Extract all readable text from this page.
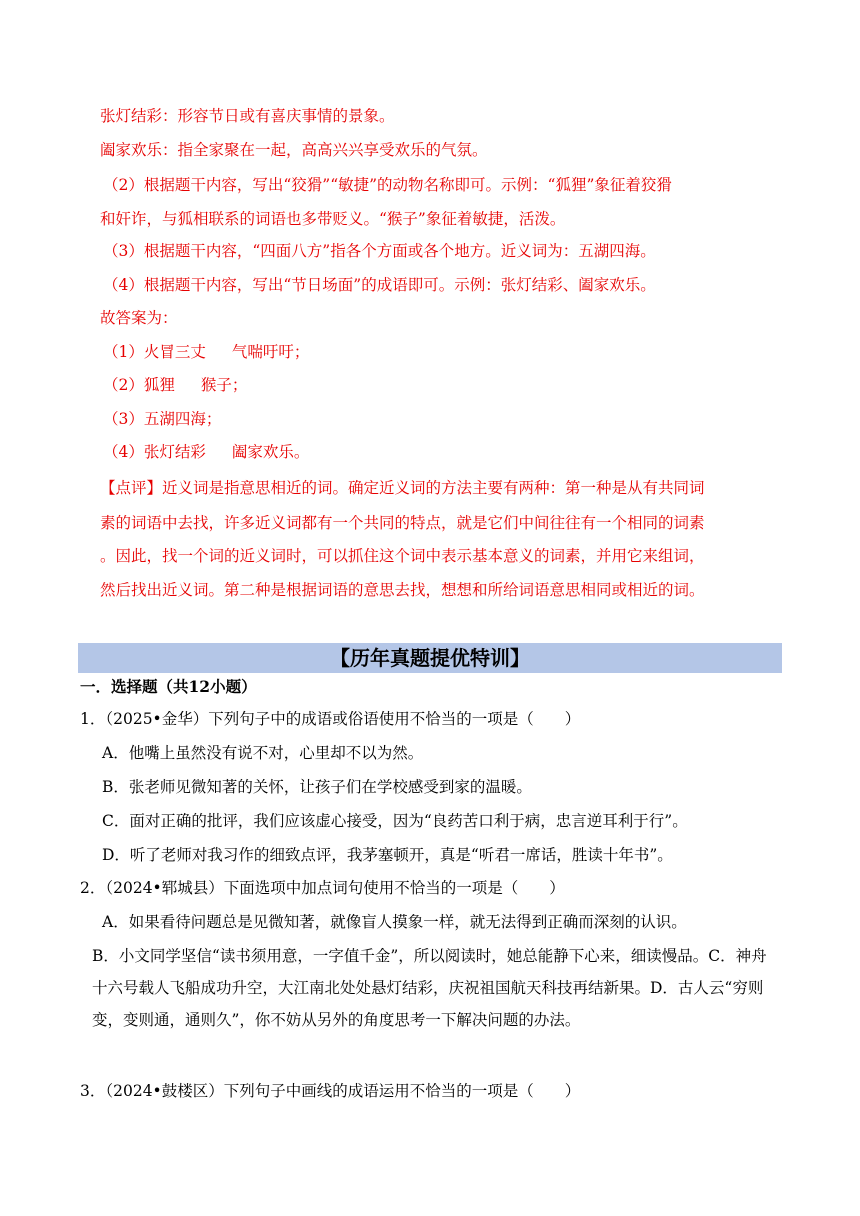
张灯结彩：形容节日或有喜庆事情的景象。
阖家欢乐：指全家聚在一起，高高兴兴享受欢乐的气氛。
（2）根据题干内容，写出“狡猾”“敏捷”的动物名称即可。示例：“狐狸”象征着狡猾
和奸诈，与狐相联系的词语也多带贬义。“猴子”象征着敏捷，活泼。
（3）根据题干内容，“四面八方”指各个方面或各个地方。近义词为：五湖四海。
（4）根据题干内容，写出“节日场面”的成语即可。示例：张灯结彩、阖家欢乐。
故答案为：
（1）火冒三丈 气喘吁吁；
（2）狐狸 猴子；
（3）五湖四海；
（4）张灯结彩 阖家欢乐。
【点评】近义词是指意思相近的词。确定近义词的方法主要有两种：第一种是从有共同词
素的词语中去找，许多近义词都有一个共同的特点，就是它们中间往往有一个相同的词素
。因此，找一个词的近义词时，可以抓住这个词中表示基本意义的词素，并用它来组词，
然后找出近义词。第二种是根据词语的意思去找，想想和所给词语意思相同或相近的词。
【历年真题提优特训】
一．选择题（共12小题）
1．（2025•金华）下列句子中的成语或俗语使用不恰当的一项是（　　）
A．他嘴上虽然没有说不对，心里却不以为然。
B．张老师见微知著的关怀，让孩子们在学校感受到家的温暖。
C．面对正确的批评，我们应该虚心接受，因为“良药苦口利于病，忠言逆耳利于行”。
D．听了老师对我习作的细致点评，我茅塞顿开，真是“听君一席话，胜读十年书”。
2．（2024•郓城县）下面选项中加点词句使用不恰当的一项是（　　）
A．如果看待问题总是见微知著，就像盲人摸象一样，就无法得到正确而深刻的认识。
B．小文同学坚信“读书须用意，一字值千金”，所以阅读时，她总能静下心来，细读慢品。C．神舟十六号载人飞船成功升空，大江南北处处悬灯结彩，庆祝祖国航天科技再结新果。D．古人云“穷则变，变则通，通则久”，你不妨从另外的角度思考一下解决问题的办法。
3．（2024•鼓楼区）下列句子中画线的成语运用不恰当的一项是（　　）
